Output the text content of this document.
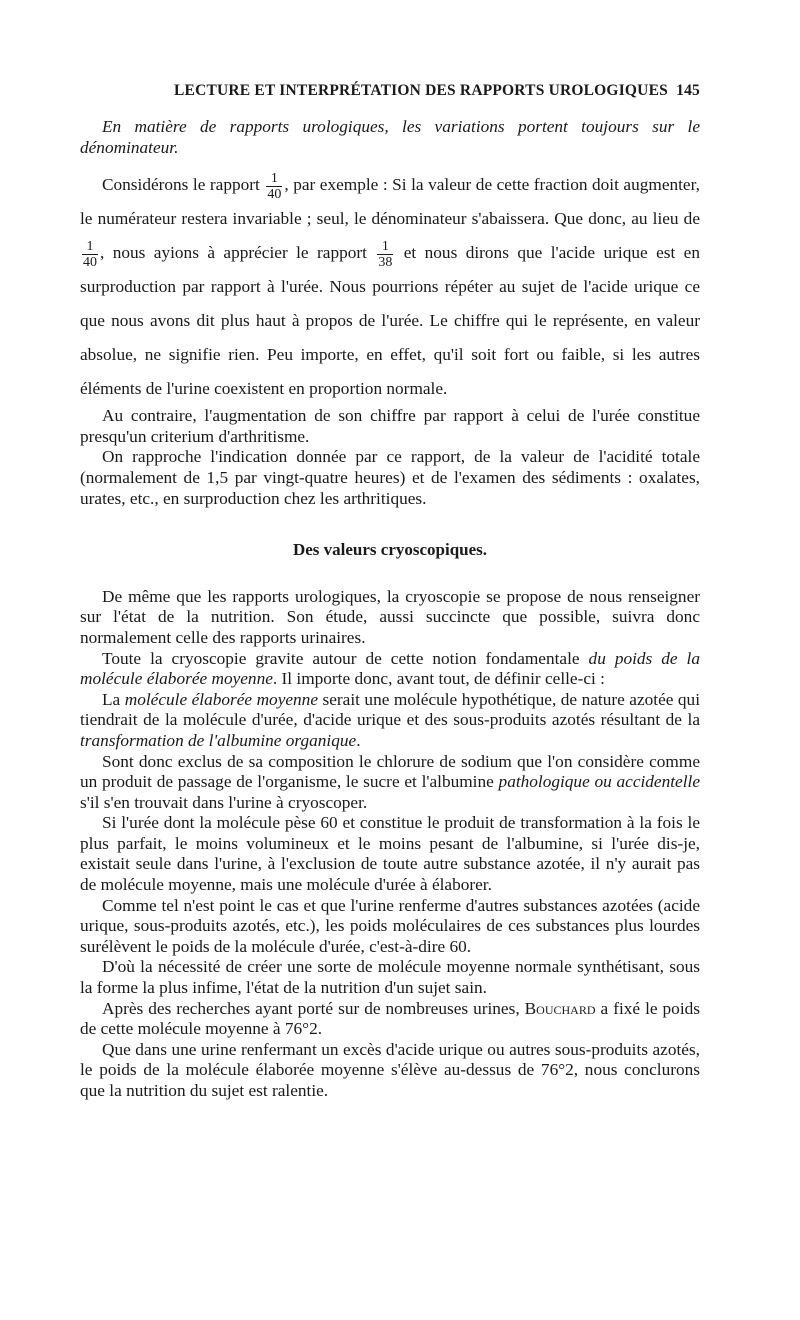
LECTURE ET INTERPRÉTATION DES RAPPORTS UROLOGIQUES 145

En matière de rapports urologiques, les variations portent toujours sur le dénominateur.

Considérons le rapport $\frac{1}{40}$ , par exemple : Si la valeur de cette fraction doit augmenter, le numérateur restera invariable ; seul, le dénominateur s'abaissera. Que donc, au lieu de
$\frac{1}{40}$ , nous ayions à apprécier le rapport $\frac{1}{38}$ et nous dirons que l'acide urique est en surproduction par rapport à l'urée. Nous pourrions répéter au sujet de l'acide urique ce que nous avons dit plus haut à propos de l'urée. Le chiffre qui le représente, en valeur absolue, ne signifie rien. Peu importe, en effet, qu'il soit fort ou faible, si les autres éléments de l'urine coexistent en proportion normale.

Au contraire, l'augmentation de son chiffre par rapport à celui de l'urée constitue presqu'un criterium d'arthritisme.

On rapproche l'indication donnée par ce rapport, de la valeur de l'acidité totale (normalement de 1,5 par vingt-quatre heures) et de l'examen des sédiments : oxalates, urates, etc., en surproduction chez les arthritiques.

Des valeurs cryoscopiques.

De même que les rapports urologiques, la cryoscopie se propose de nous renseigner sur l'état de la nutrition. Son étude, aussi succincte que possible, suivra donc normalement celle des rapports urinaires.

Toute la cryoscopie gravite autour de cette notion fondamentale du poids de la molécule élaborée moyenne. Il importe donc, avant tout, de définir celle-ci :

La molécule élaborée moyenne serait une molécule hypothétique, de nature azotée qui tiendrait de la molécule d'urée, d'acide urique et des sous-produits azotés résultant de la transformation de l'albumine organique.

Sont donc exclus de sa composition le chlorure de sodium que l'on considère comme un produit de passage de l'organisme, le sucre et l'albumine pathologique ou accidentelle s'il s'en trouvait dans l'urine à cryoscoper.

Si l'urée dont la molécule pèse 60 et constitue le produit de transformation à la fois le plus parfait, le moins volumineux et le moins pesant de l'albumine, si l'urée dis-je, existait seule dans l'urine, à l'exclusion de toute autre substance azotée, il n'y aurait pas de molécule moyenne, mais une molécule d'urée à élaborer.

Comme tel n'est point le cas et que l'urine renferme d'autres substances azotées (acide urique, sous-produits azotés, etc.), les poids moléculaires de ces substances plus lourdes surélèvent le poids de la molécule d'urée, c'est-à-dire 60.

D'où la nécessité de créer une sorte de molécule moyenne normale synthétisant, sous la forme la plus infime, l'état de la nutrition d'un sujet sain.

Après des recherches ayant porté sur de nombreuses urines, Bouchard a fixé le poids de cette molécule moyenne à 76°2.

Que dans une urine renfermant un excès d'acide urique ou autres sous-produits azotés, le poids de la molécule élaborée moyenne s'élève au-dessus de 76°2, nous conclurons que la nutrition du sujet est ralentie.
